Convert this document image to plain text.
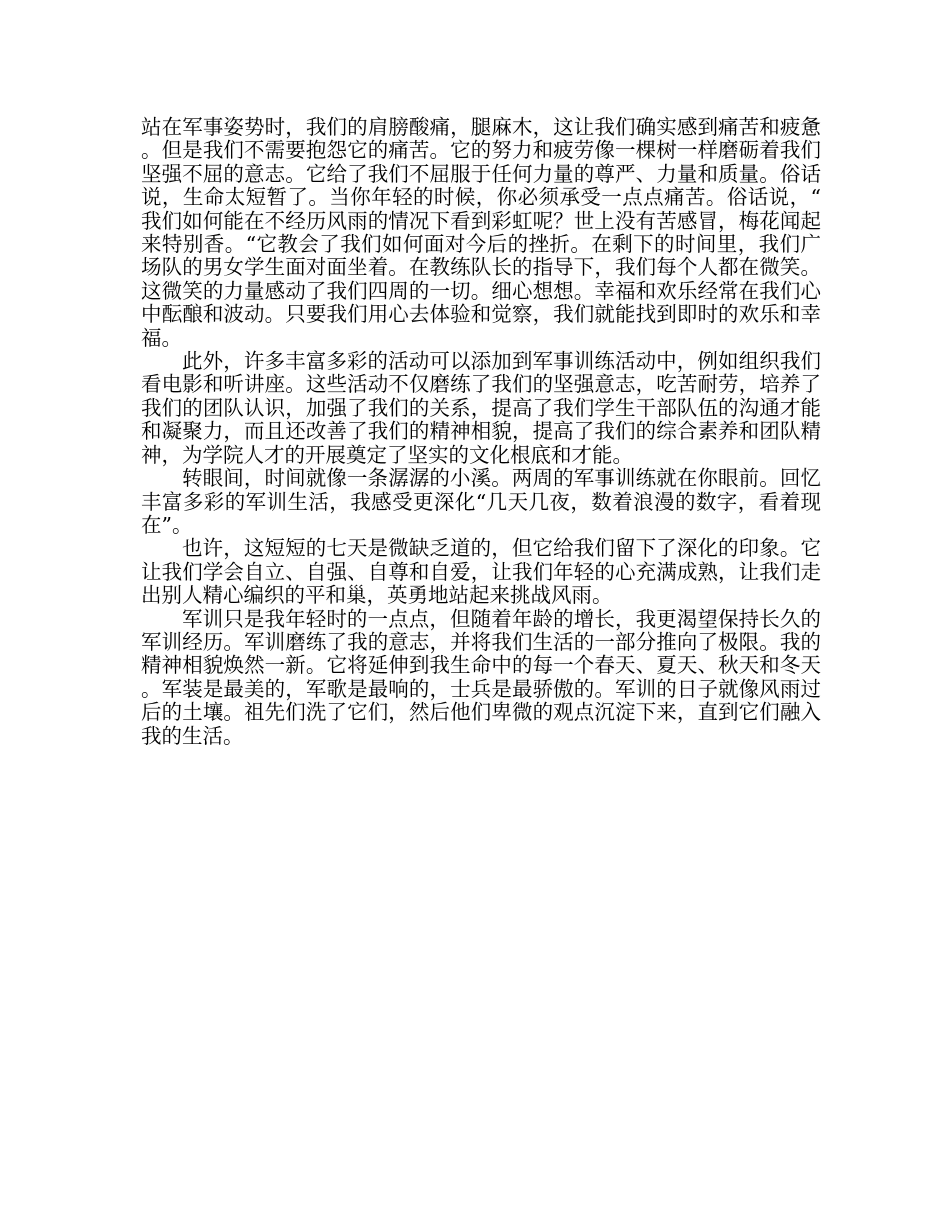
站在军事姿势时，我们的肩膀酸痛，腿麻木，这让我们确实感到痛苦和疲惫。但是我们不需要抱怨它的痛苦。它的努力和疲劳像一棵树一样磨砺着我们坚强不屈的意志。它给了我们不屈服于任何力量的尊严、力量和质量。俗话说，生命太短暂了。当你年轻的时候，你必须承受一点点痛苦。俗话说，“我们如何能在不经历风雨的情况下看到彩虹呢？世上没有苦感冒，梅花闻起来特别香。“它教会了我们如何面对今后的挫折。在剩下的时间里，我们广场队的男女学生面对面坐着。在教练队长的指导下，我们每个人都在微笑。这微笑的力量感动了我们四周的一切。细心想想。幸福和欢乐经常在我们心中酝酿和波动。只要我们用心去体验和觉察，我们就能找到即时的欢乐和幸福。

此外，许多丰富多彩的活动可以添加到军事训练活动中，例如组织我们看电影和听讲座。这些活动不仅磨练了我们的坚强意志，吃苦耐劳，培养了我们的团队认识，加强了我们的关系，提高了我们学生干部队伍的沟通才能和凝聚力，而且还改善了我们的精神相貌，提高了我们的综合素养和团队精神，为学院人才的开展奠定了坚实的文化根底和才能。

转眼间，时间就像一条潺潺的小溪。两周的军事训练就在你眼前。回忆丰富多彩的军训生活，我感受更深化“几天几夜，数着浪漫的数字，看着现在”。

也许，这短短的七天是微缺乏道的，但它给我们留下了深化的印象。它让我们学会自立、自强、自尊和自爱，让我们年轻的心充满成熟，让我们走出别人精心编织的平和巢，英勇地站起来挑战风雨。

军训只是我年轻时的一点点，但随着年龄的增长，我更渴望保持长久的军训经历。军训磨练了我的意志，并将我们生活的一部分推向了极限。我的精神相貌焕然一新。它将延伸到我生命中的每一个春天、夏天、秋天和冬天。军装是最美的，军歌是最响的，士兵是最骄傲的。军训的日子就像风雨过后的土壤。祖先们洗了它们，然后他们卑微的观点沉淀下来，直到它们融入我的生活。
